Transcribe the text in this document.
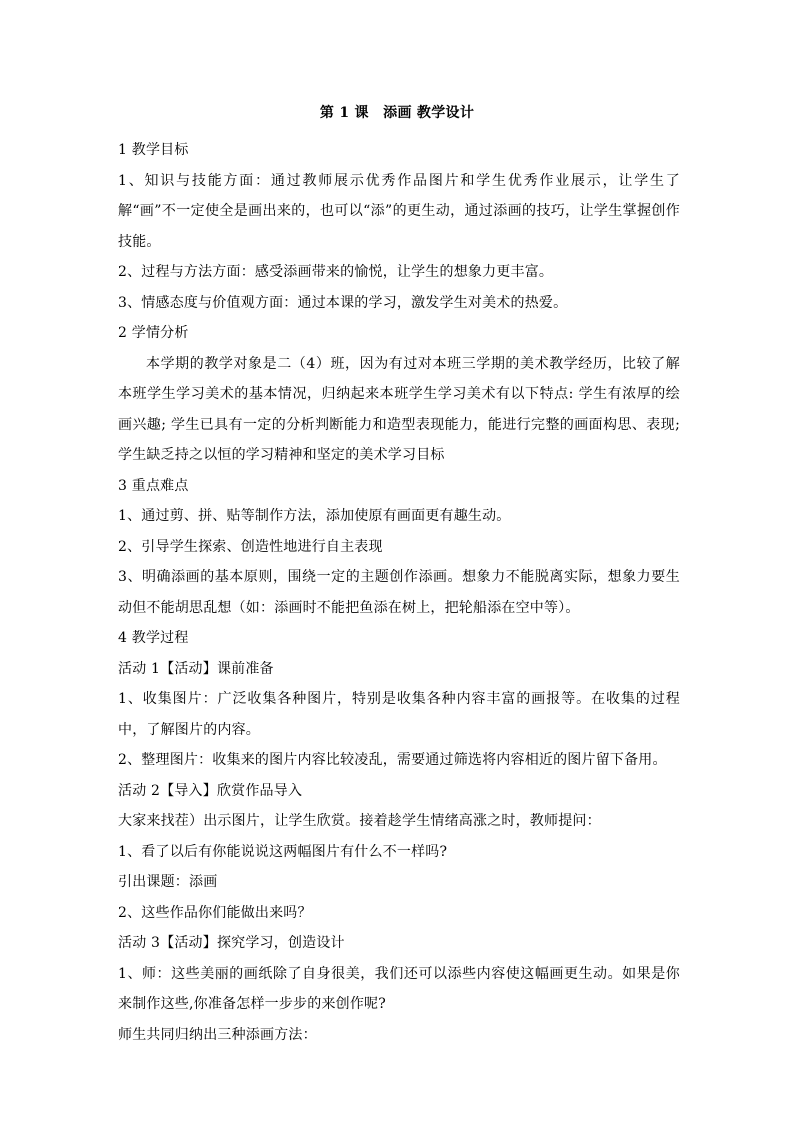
第 1 课　添画 教学设计

1 教学目标

1、知识与技能方面：通过教师展示优秀作品图片和学生优秀作业展示，让学生了解“画”不一定使全是画出来的，也可以“添”的更生动，通过添画的技巧，让学生掌握创作技能。

2、过程与方法方面：感受添画带来的愉悦，让学生的想象力更丰富。

3、情感态度与价值观方面：通过本课的学习，激发学生对美术的热爱。

2 学情分析

本学期的教学对象是二（4）班，因为有过对本班三学期的美术教学经历，比较了解本班学生学习美术的基本情况，归纳起来本班学生学习美术有以下特点: 学生有浓厚的绘画兴趣; 学生已具有一定的分析判断能力和造型表现能力，能进行完整的画面构思、表现; 学生缺乏持之以恒的学习精神和坚定的美术学习目标

3 重点难点

1、通过剪、拼、贴等制作方法，添加使原有画面更有趣生动。

2、引导学生探索、创造性地进行自主表现

3、明确添画的基本原则，围绕一定的主题创作添画。想象力不能脱离实际，想象力要生动但不能胡思乱想（如：添画时不能把鱼添在树上，把轮船添在空中等）。

4 教学过程

活动 1【活动】课前准备

1、收集图片：广泛收集各种图片，特别是收集各种内容丰富的画报等。在收集的过程中，了解图片的内容。

2、整理图片：收集来的图片内容比较凌乱，需要通过筛选将内容相近的图片留下备用。

活动 2【导入】欣赏作品导入

大家来找茬）出示图片，让学生欣赏。接着趁学生情绪高涨之时，教师提问：

1、看了以后有你能说说这两幅图片有什么不一样吗?

引出课题：添画

2、这些作品你们能做出来吗？

活动 3【活动】探究学习，创造设计

1、师：这些美丽的画纸除了自身很美，我们还可以添些内容使这幅画更生动。如果是你来制作这些,你准备怎样一步步的来创作呢?

师生共同归纳出三种添画方法：
